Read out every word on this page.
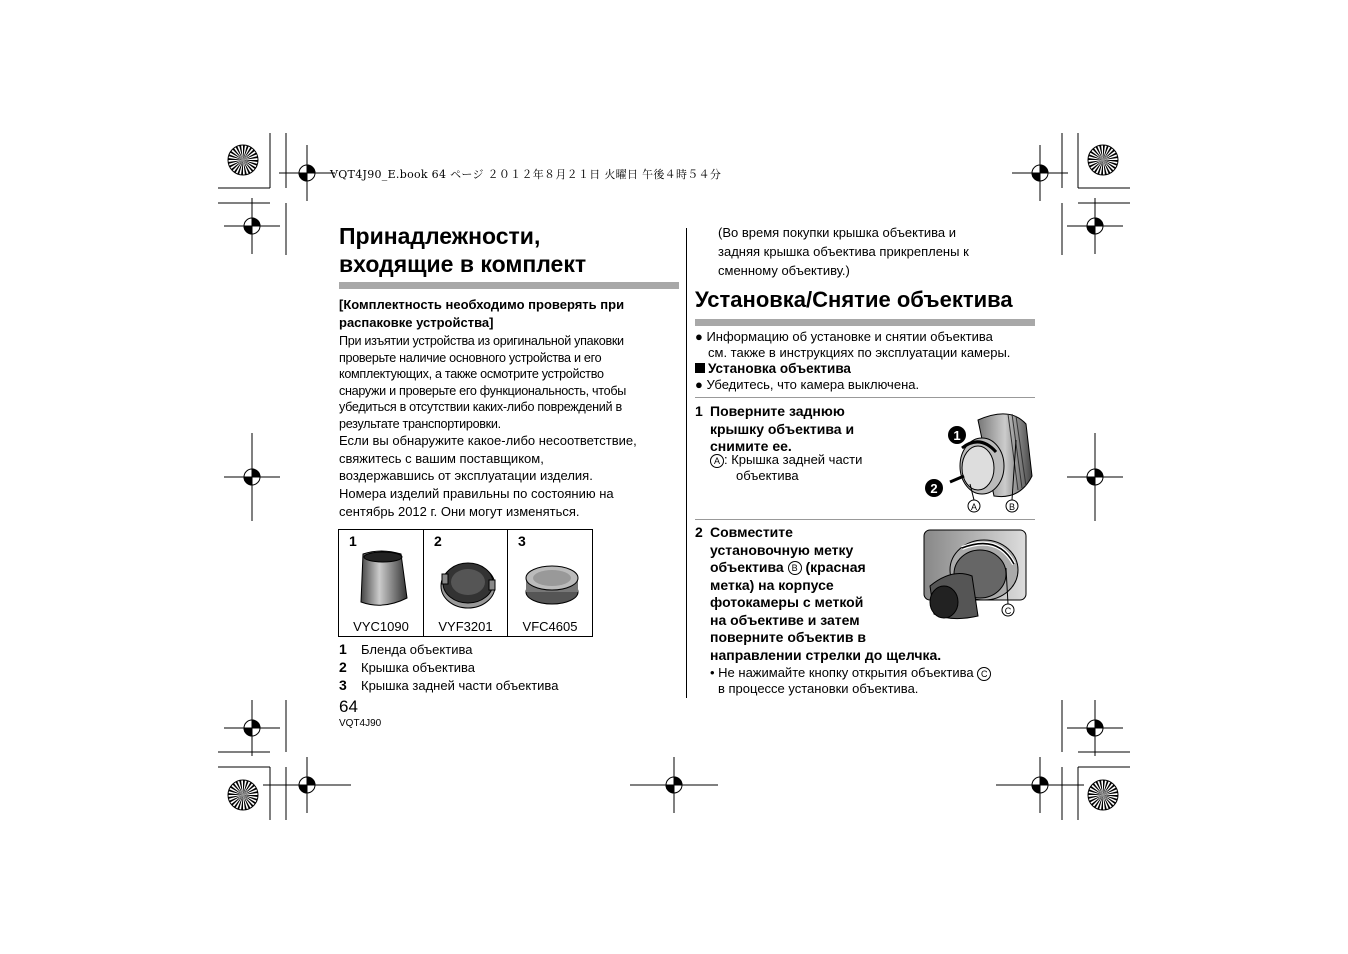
VQT4J90_E.book 64 ページ ２０１２年８月２１日 火曜日 午後４時５４分
Принадлежности,
входящие в комплект
[Комплектность необходимо проверять при
распаковке устройства]
При изъятии устройства из оригинальной упаковки
проверьте наличие основного устройства и его
комплектующих, а также осмотрите устройство
снаружи и проверьте его функциональность, чтобы
убедиться в отсутствии каких-либо повреждений в
результате транспортировки.
Если вы обнаружите какое-либо несоответствие,
свяжитесь с вашим поставщиком,
воздержавшись от эксплуатации изделия.
Номера изделий правильны по состоянию на
сентябрь 2012 г. Они могут изменяться.
1
VYC1090

2
VYF3201

3
VFC4605
1 Бленда объектива
2 Крышка объектива
3 Крышка задней части объектива
64
VQT4J90
(Во время покупки крышка объектива и
задняя крышка объектива прикреплены к
сменному объективу.)
Установка/Снятие объектива
● Информацию об установке и снятии объектива
см. также в инструкциях по эксплуатации камеры.
Установка объектива
● Убедитесь, что камера выключена.
1 Поверните заднюю
крышку объектива и
снимите ее.
A : Крышка задней части
объектива
1
2
A	B
2 Совместите
установочную метку
объектива B (красная
метка) на корпусе
фотокамеры с меткой
на объективе и затем
поверните объектив в
направлении стрелки до щелчка.
• Не нажимайте кнопку открытия объектива C
в процессе установки объектива.
C
